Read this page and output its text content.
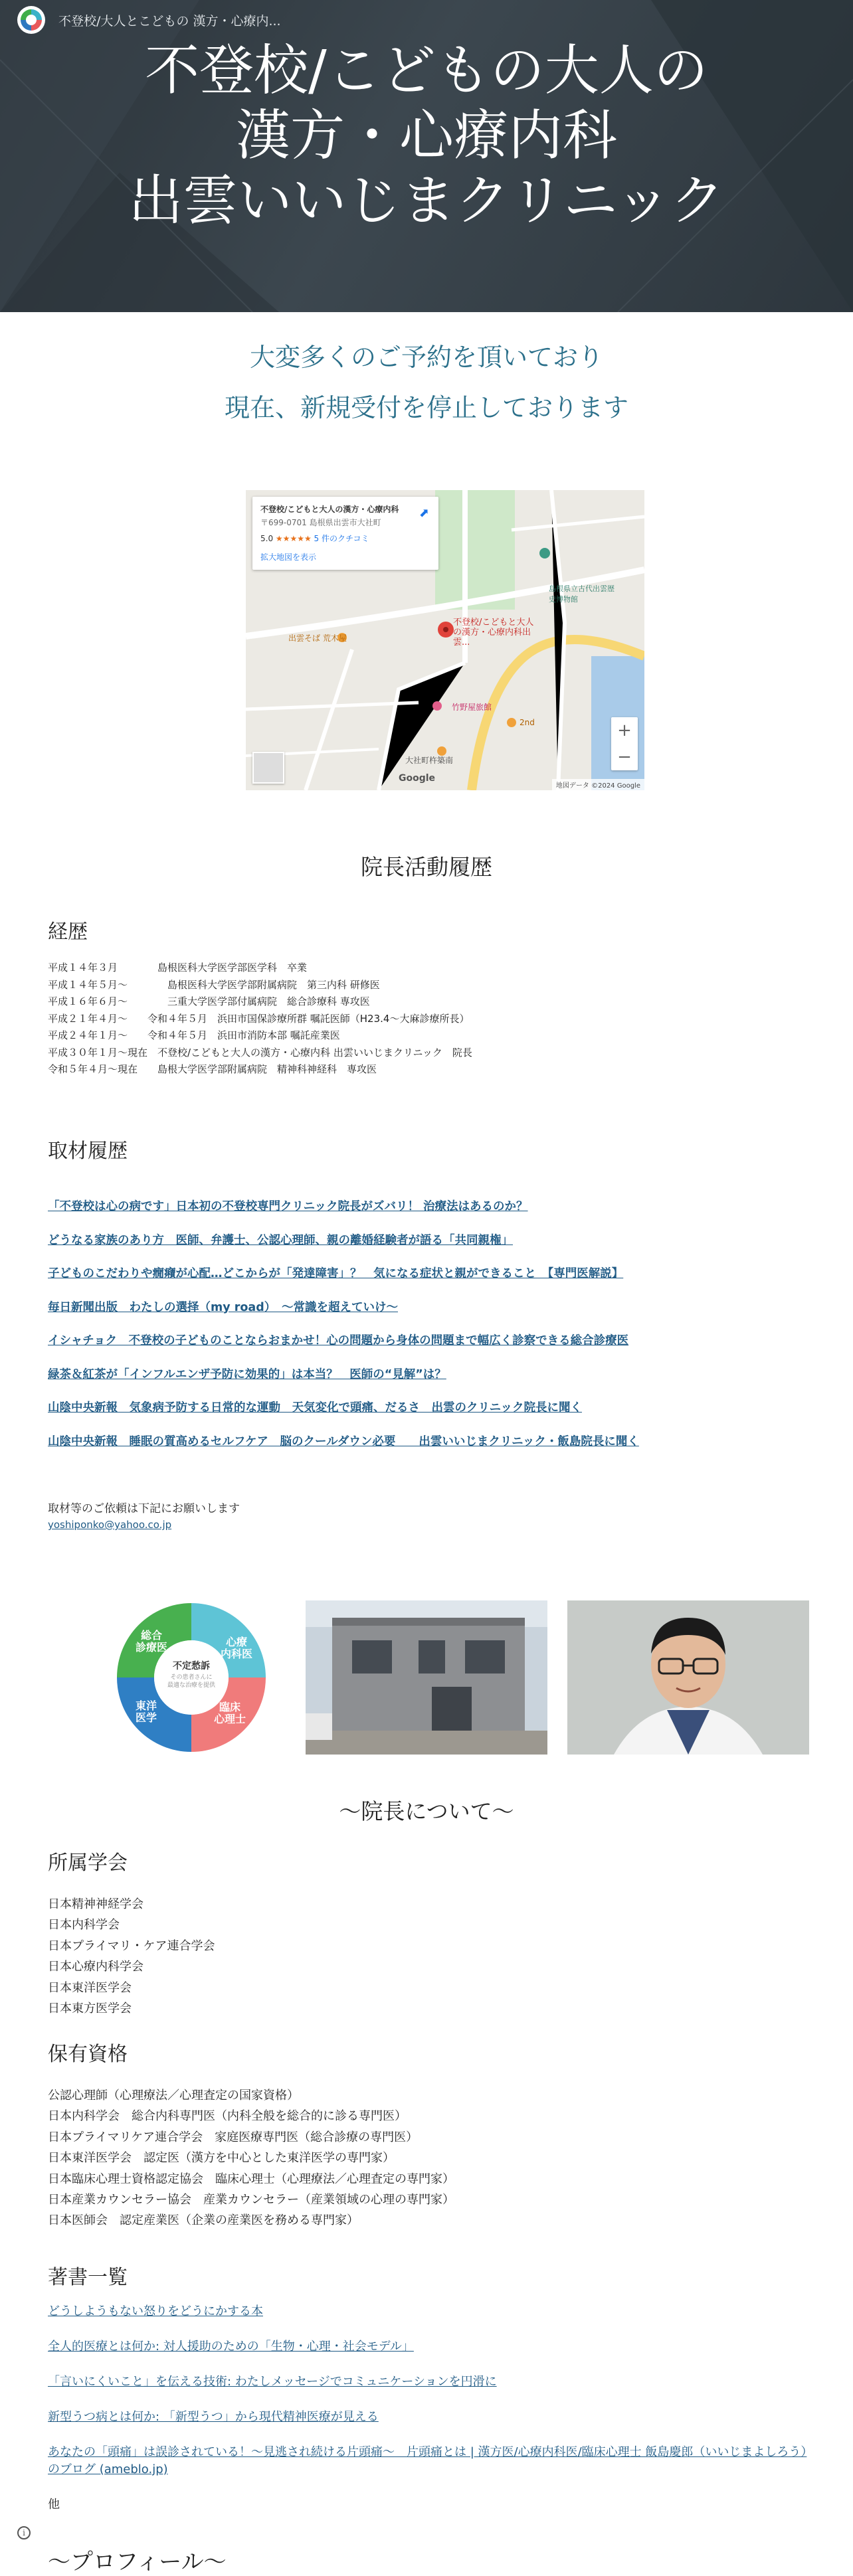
不登校/大人とこどもの 漢方・心療内...
不登校/こどもの大人の
漢方・心療内科
出雲いいじまクリニック
大変多くのご予約を頂いており
現在、新規受付を停止しております
不登校/こどもと大人の漢方・心療内科
〒699-0701 島根県出雲市大社町
5.0 ★★★★★ 5 件のクチコミ
拡大地図を表示
⬈
不登校/こどもと大人の漢方・心療内科出雲...
出雲そば 荒木屋
竹野屋旅館
島根県立古代出雲歴史博物館
大社町杵築南
2nd	+
−
Google
地図データ ©2024 Google
院長活動履歴
経歴
平成１４年３月　　　　島根医科大学医学部医学科　卒業
平成１４年５月〜　　　　島根医科大学医学部附属病院　第三内科 研修医
平成１６年６月〜　　　　三重大学医学部付属病院　総合診療科 専攻医
平成２１年４月〜　　令和４年５月　浜田市国保診療所群 嘱託医師（H23.4〜大麻診療所長）
平成２４年１月〜　　令和４年５月　浜田市消防本部 嘱託産業医
平成３０年１月〜現在　不登校/こどもと大人の漢方・心療内科 出雲いいじまクリニック　院長
令和５年４月〜現在　　島根大学医学部附属病院　精神科神経科　専攻医
取材履歴
「不登校は心の病です」日本初の不登校専門クリニック院長がズバリ！ 治療法はあるのか？
どうなる家族のあり方　医師、弁護士、公認心理師、親の離婚経験者が語る「共同親権」
子どものこだわりや癇癪が心配…どこからが「発達障害」？　気になる症状と親ができること　【専門医解説】
毎日新聞出版　わたしの選择（my road）　〜常識を超えていけ〜
イシャチョク　不登校の子どものことならおまかせ！心の問題から身体の問題まで幅広く診察できる総合診療医
緑茶＆紅茶が「インフルエンザ予防に効果的」は本当？　医師の“見解”は？
山陰中央新報　気象病予防する日常的な運動　天気変化で頭痛、だるさ　出雲のクリニック院長に聞く
山陰中央新報　睡眠の質高めるセルフケア　脳のクールダウン必要　　出雲いいじまクリニック・飯島院長に聞く
取材等のご依頼は下記にお願いします
yoshiponko@yahoo.co.jp
不定愁訴
その患者さんに
最適な治療を提供
総合
診療医	心療
内科医
臨床
心理士
東洋
医学
〜院長について〜
所属学会
日本精神神経学会
日本内科学会
日本プライマリ・ケア連合学会
日本心療内科学会
日本東洋医学会
日本東方医学会
保有資格
公認心理師（心理療法／心理査定の国家資格）
日本内科学会　総合内科専門医（内科全般を総合的に診る専門医）
日本プライマリケア連合学会　家庭医療専門医（総合診療の専門医）
日本東洋医学会　認定医（漢方を中心とした東洋医学の専門家）
日本臨床心理士資格認定協会　臨床心理士（心理療法／心理査定の専門家）
日本産業カウンセラー協会　産業カウンセラー（産業領域の心理の専門家）
日本医師会　認定産業医（企業の産業医を務める専門家）
著書一覧
どうしようもない怒りをどうにかする本
全人的医療とは何か: 対人援助のための「生物・心理・社会モデル」
「言いにくいこと」を伝える技術: わたしメッセージでコミュニケーションを円滑に
新型うつ病とは何か: 「新型うつ」から現代精神医療が見える
あなたの「頭痛」は誤診されている！〜見逃され続ける片頭痛〜　片頭痛とは | 漢方医/心療内科医/臨床心理士 飯島慶郎（いいじまよしろう）のブログ (ameblo.jp)
他
〜プロフィール〜
i
